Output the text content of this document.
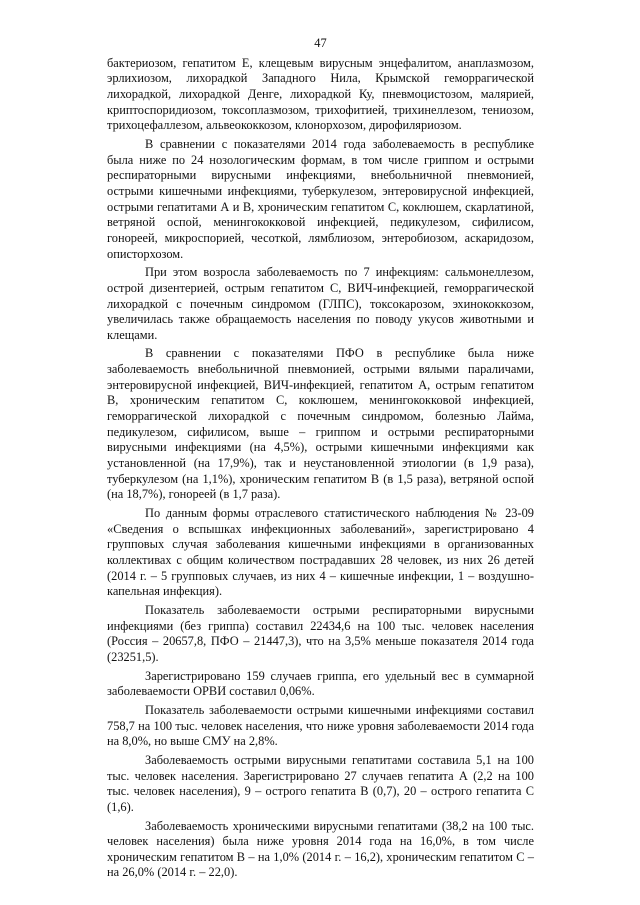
47

бактериозом, гепатитом Е, клещевым вирусным энцефалитом, анаплазмозом, эрлихиозом, лихорадкой Западного Нила, Крымской геморрагической лихорадкой, лихорадкой Денге, лихорадкой Ку, пневмоцистозом, малярией, криптоспоридиозом, токсоплазмозом, трихофитией, трихинеллезом, тениозом, трихоцефаллезом, альвеококкозом, клонорхозом, дирофиляриозом.

В сравнении с показателями 2014 года заболеваемость в республике была ниже по 24 нозологическим формам, в том числе гриппом и острыми респираторными вирусными инфекциями, внебольничной пневмонией, острыми кишечными инфекциями, туберкулезом, энтеровирусной инфекцией, острыми гепатитами А и В, хроническим гепатитом С, коклюшем, скарлатиной, ветряной оспой, менингококковой инфекцией, педикулезом, сифилисом, гонореей, микроспорией, чесоткой, лямблиозом, энтеробиозом, аскаридозом, описторхозом.

При этом возросла заболеваемость по 7 инфекциям: сальмонеллезом, острой дизентерией, острым гепатитом С, ВИЧ-инфекцией, геморрагической лихорадкой с почечным синдромом (ГЛПС), токсокарозом, эхинококкозом, увеличилась также обращаемость населения по поводу укусов животными и клещами.

В сравнении с показателями ПФО в республике была ниже заболеваемость внебольничной пневмонией, острыми вялыми параличами, энтеровирусной инфекцией, ВИЧ-инфекцией, гепатитом А, острым гепатитом В, хроническим гепатитом С, коклюшем, менингококковой инфекцией, геморрагической лихорадкой с почечным синдромом, болезнью Лайма, педикулезом, сифилисом, выше – гриппом и острыми респираторными вирусными инфекциями (на 4,5%), острыми кишечными инфекциями как установленной (на 17,9%), так и неустановленной этиологии (в 1,9 раза), туберкулезом (на 1,1%), хроническим гепатитом В (в 1,5 раза), ветряной оспой (на 18,7%), гонореей (в 1,7 раза).

По данным формы отраслевого статистического наблюдения № 23-09 «Сведения о вспышках инфекционных заболеваний», зарегистрировано 4 групповых случая заболевания кишечными инфекциями в организованных коллективах с общим количеством пострадавших 28 человек, из них 26 детей (2014 г. – 5 групповых случаев, из них 4 – кишечные инфекции, 1 – воздушно-капельная инфекция).

Показатель заболеваемости острыми респираторными вирусными инфекциями (без гриппа) составил 22434,6 на 100 тыс. человек населения (Россия – 20657,8, ПФО – 21447,3), что на 3,5% меньше показателя 2014 года (23251,5).

Зарегистрировано 159 случаев гриппа, его удельный вес в суммарной заболеваемости ОРВИ составил 0,06%.

Показатель заболеваемости острыми кишечными инфекциями составил 758,7 на 100 тыс. человек населения, что ниже уровня заболеваемости 2014 года на 8,0%, но выше СМУ на 2,8%.

Заболеваемость острыми вирусными гепатитами составила 5,1 на 100 тыс. человек населения. Зарегистрировано 27 случаев гепатита А (2,2 на 100 тыс. человек населения), 9 – острого гепатита В (0,7), 20 – острого гепатита С (1,6).

Заболеваемость хроническими вирусными гепатитами (38,2 на 100 тыс. человек населения) была ниже уровня 2014 года на 16,0%, в том числе хроническим гепатитом В – на 1,0% (2014 г. – 16,2), хроническим гепатитом С – на 26,0% (2014 г. – 22,0).
